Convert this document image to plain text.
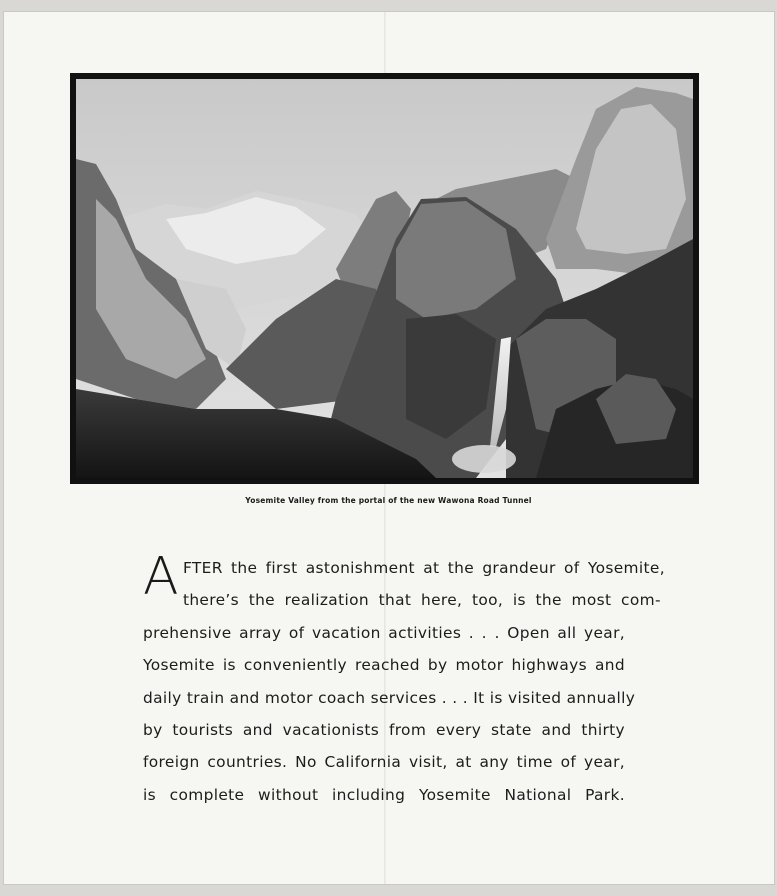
Yosemite Valley from the portal of the new Wawona Road Tunnel
A FTER the first astonishment at the grandeur of Yosemite,
there’s the realization that here, too, is the most com-
prehensive array of vacation activities . . . Open all year,
Yosemite is conveniently reached by motor highways and
daily train and motor coach services . . . It is visited annually
by tourists and vacationists from every state and thirty
foreign countries. No California visit, at any time of year,
is complete without including Yosemite National Park.
